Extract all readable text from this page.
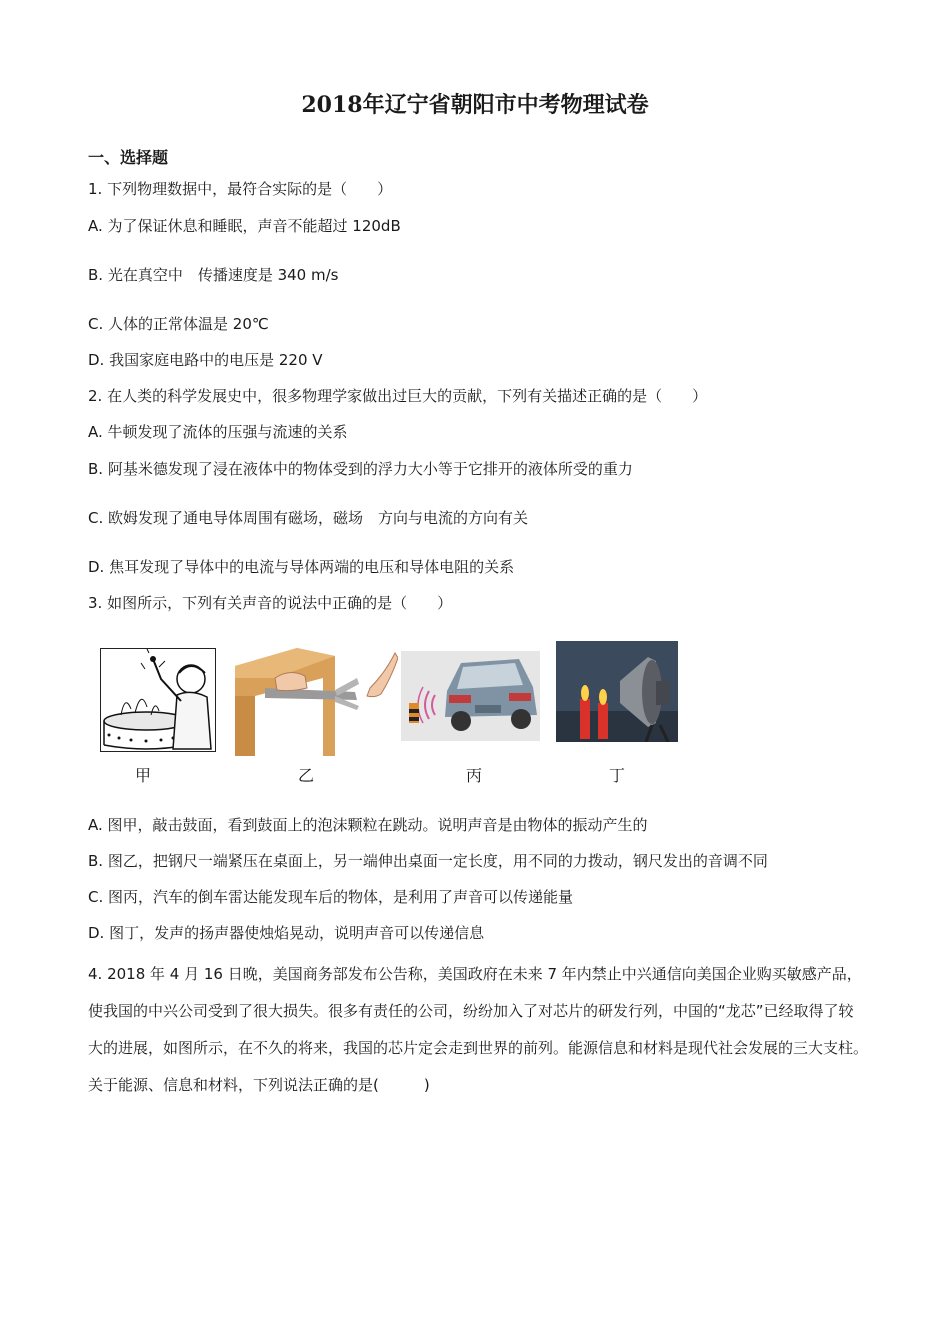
2018年辽宁省朝阳市中考物理试卷
一、选择题
1. 下列物理数据中，最符合实际的是（　　）
A. 为了保证休息和睡眠，声音不能超过 120dB
B. 光在真空中　传播速度是 340 m/s
C. 人体的正常体温是 20℃
D. 我国家庭电路中的电压是 220 V
2. 在人类的科学发展史中，很多物理学家做出过巨大的贡献，下列有关描述正确的是（　　）
A. 牛顿发现了流体的压强与流速的关系
B. 阿基米德发现了浸在液体中的物体受到的浮力大小等于它排开的液体所受的重力
C. 欧姆发现了通电导体周围有磁场，磁场　方向与电流的方向有关
D. 焦耳发现了导体中的电流与导体两端的电压和导体电阻的关系
3. 如图所示，下列有关声音的说法中正确的是（　　）
甲	乙	丙	丁
A. 图甲，敲击鼓面，看到鼓面上的泡沫颗粒在跳动。说明声音是由物体的振动产生的
B. 图乙，把钢尺一端紧压在桌面上，另一端伸出桌面一定长度，用不同的力拨动，钢尺发出的音调不同
C. 图丙，汽车的倒车雷达能发现车后的物体，是利用了声音可以传递能量
D. 图丁，发声的扬声器使烛焰晃动，说明声音可以传递信息
4. 2018 年 4 月 16 日晚，美国商务部发布公告称，美国政府在未来 7 年内禁止中兴通信向美国企业购买敏感产品，使我国的中兴公司受到了很大损失。很多有责任的公司，纷纷加入了对芯片的研发行列，中国的“龙芯”已经取得了较大的进展，如图所示，在不久的将来，我国的芯片定会走到世界的前列。能源信息和材料是现代社会发展的三大支柱。关于能源、信息和材料，下列说法正确的是(　　　)
